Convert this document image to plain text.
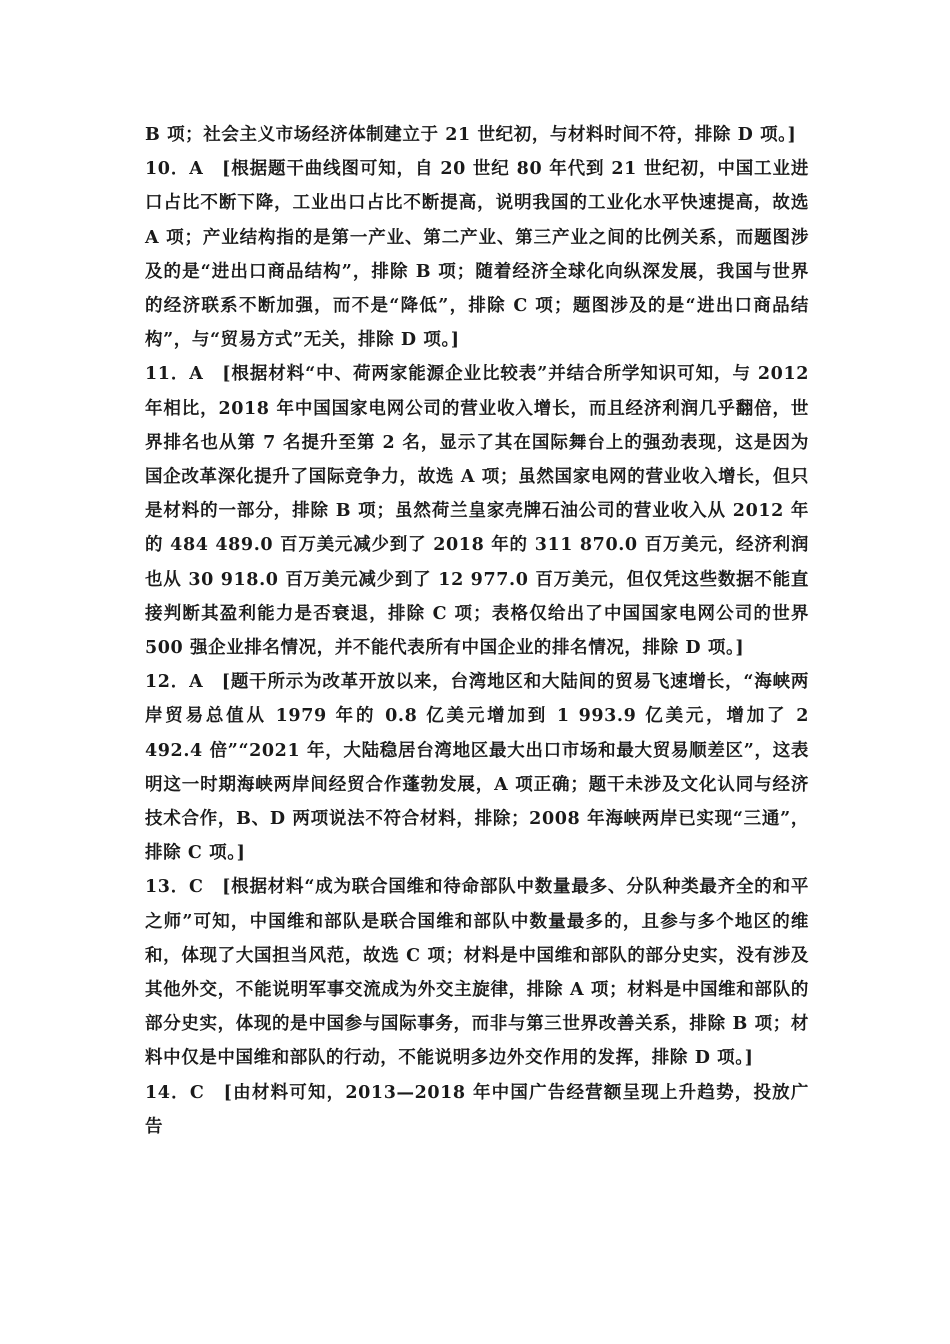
B 项；社会主义市场经济体制建立于 21 世纪初，与材料时间不符，排除 D 项。]

10．A　[根据题干曲线图可知，自 20 世纪 80 年代到 21 世纪初，中国工业进口占比不断下降，工业出口占比不断提高，说明我国的工业化水平快速提高，故选 A 项；产业结构指的是第一产业、第二产业、第三产业之间的比例关系，而题图涉及的是“进出口商品结构”，排除 B 项；随着经济全球化向纵深发展，我国与世界的经济联系不断加强，而不是“降低”，排除 C 项；题图涉及的是“进出口商品结构”，与“贸易方式”无关，排除 D 项。]

11．A　[根据材料“中、荷两家能源企业比较表”并结合所学知识可知，与 2012 年相比，2018 年中国国家电网公司的营业收入增长，而且经济利润几乎翻倍，世界排名也从第 7 名提升至第 2 名，显示了其在国际舞台上的强劲表现，这是因为国企改革深化提升了国际竞争力，故选 A 项；虽然国家电网的营业收入增长，但只是材料的一部分，排除 B 项；虽然荷兰皇家壳牌石油公司的营业收入从 2012 年的 484 489.0 百万美元减少到了 2018 年的 311 870.0 百万美元，经济利润也从 30 918.0 百万美元减少到了 12 977.0 百万美元，但仅凭这些数据不能直接判断其盈利能力是否衰退，排除 C 项；表格仅给出了中国国家电网公司的世界 500 强企业排名情况，并不能代表所有中国企业的排名情况，排除 D 项。]

12．A　[题干所示为改革开放以来，台湾地区和大陆间的贸易飞速增长，“海峡两岸贸易总值从 1979 年的 0.8 亿美元增加到 1 993.9 亿美元，增加了 2 492.4 倍”“2021 年，大陆稳居台湾地区最大出口市场和最大贸易顺差区”，这表明这一时期海峡两岸间经贸合作蓬勃发展，A 项正确；题干未涉及文化认同与经济技术合作，B、D 两项说法不符合材料，排除；2008 年海峡两岸已实现“三通”，排除 C 项。]

13．C　[根据材料“成为联合国维和待命部队中数量最多、分队种类最齐全的和平之师”可知，中国维和部队是联合国维和部队中数量最多的，且参与多个地区的维和，体现了大国担当风范，故选 C 项；材料是中国维和部队的部分史实，没有涉及其他外交，不能说明军事交流成为外交主旋律，排除 A 项；材料是中国维和部队的部分史实，体现的是中国参与国际事务，而非与第三世界改善关系，排除 B 项；材料中仅是中国维和部队的行动，不能说明多边外交作用的发挥，排除 D 项。]

14．C　[由材料可知，2013—2018 年中国广告经营额呈现上升趋势，投放广告
